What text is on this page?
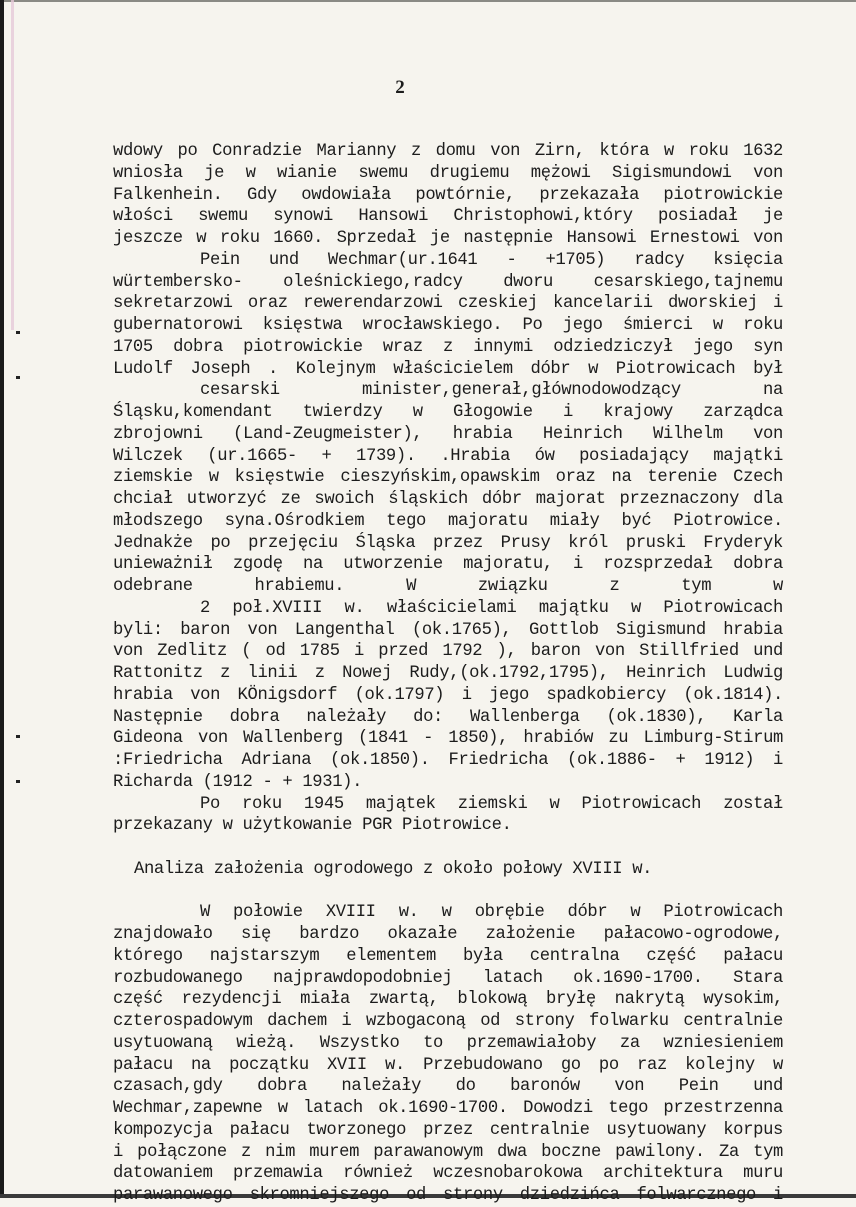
2
wdowy po Conradzie Marianny z domu von Zirn, która w roku 1632
wniosła je w wianie swemu drugiemu mężowi Sigismundowi von
Falkenhein. Gdy owdowiała powtórnie, przekazała piotrowickie
włości swemu synowi Hansowi Christophowi,który posiadał je
jeszcze w roku 1660. Sprzedał je następnie Hansowi Ernestowi von
Pein und Wechmar(ur.1641 - +1705) radcy księcia
würtembersko- oleśnickiego,radcy dworu cesarskiego,tajnemu
sekretarzowi oraz rewerendarzowi czeskiej kancelarii dworskiej i
gubernatorowi księstwa wrocławskiego. Po jego śmierci w roku
1705 dobra piotrowickie wraz z innymi odziedziczył jego syn
Ludolf Joseph . Kolejnym właścicielem dóbr w Piotrowicach był
cesarski minister,generał,głównodowodzący na
Śląsku,komendant twierdzy w Głogowie i krajowy zarządca
zbrojowni (Land-Zeugmeister), hrabia Heinrich Wilhelm von
Wilczek (ur.1665- + 1739). .Hrabia ów posiadający majątki
ziemskie w księstwie cieszyńskim,opawskim oraz na terenie Czech
chciał utworzyć ze swoich śląskich dóbr majorat przeznaczony dla
młodszego syna.Ośrodkiem tego majoratu miały być Piotrowice.
Jednakże po przejęciu Śląska przez Prusy król pruski Fryderyk
unieważnił zgodę na utworzenie majoratu, i rozsprzedał dobra
odebrane hrabiemu. W związku z tym w
2 poł.XVIII w. właścicielami majątku w Piotrowicach
byli: baron von Langenthal (ok.1765), Gottlob Sigismund hrabia
von Zedlitz ( od 1785 i przed 1792 ), baron von Stillfried und
Rattonitz z linii z Nowej Rudy,(ok.1792,1795), Heinrich Ludwig
hrabia von KÖnigsdorf (ok.1797) i jego spadkobiercy (ok.1814).
Następnie dobra należały do: Wallenberga (ok.1830), Karla
Gideona von Wallenberg (1841 - 1850), hrabiów zu Limburg-Stirum
:Friedricha Adriana (ok.1850). Friedricha (ok.1886- + 1912) i
Richarda (1912 - + 1931).
Po roku 1945 majątek ziemski w Piotrowicach został
przekazany w użytkowanie PGR Piotrowice.
Analiza założenia ogrodowego z około połowy XVIII w.
W połowie XVIII w. w obrębie dóbr w Piotrowicach
znajdowało się bardzo okazałe założenie pałacowo-ogrodowe,
którego najstarszym elementem była centralna część pałacu
rozbudowanego najprawdopodobniej latach ok.1690-1700. Stara
część rezydencji miała zwartą, blokową bryłę nakrytą wysokim,
czterospadowym dachem i wzbogaconą od strony folwarku centralnie
usytuowaną wieżą. Wszystko to przemawiałoby za wzniesieniem
pałacu na początku XVII w. Przebudowano go po raz kolejny w
czasach,gdy dobra należały do baronów von Pein und
Wechmar,zapewne w latach ok.1690-1700. Dowodzi tego przestrzenna
kompozycja pałacu tworzonego przez centralnie usytuowany korpus
i połączone z nim murem parawanowym dwa boczne pawilony. Za tym
datowaniem przemawia również wczesnobarokowa architektura muru
parawanowego skromniejszego od strony dziedzińca folwarcznego i
